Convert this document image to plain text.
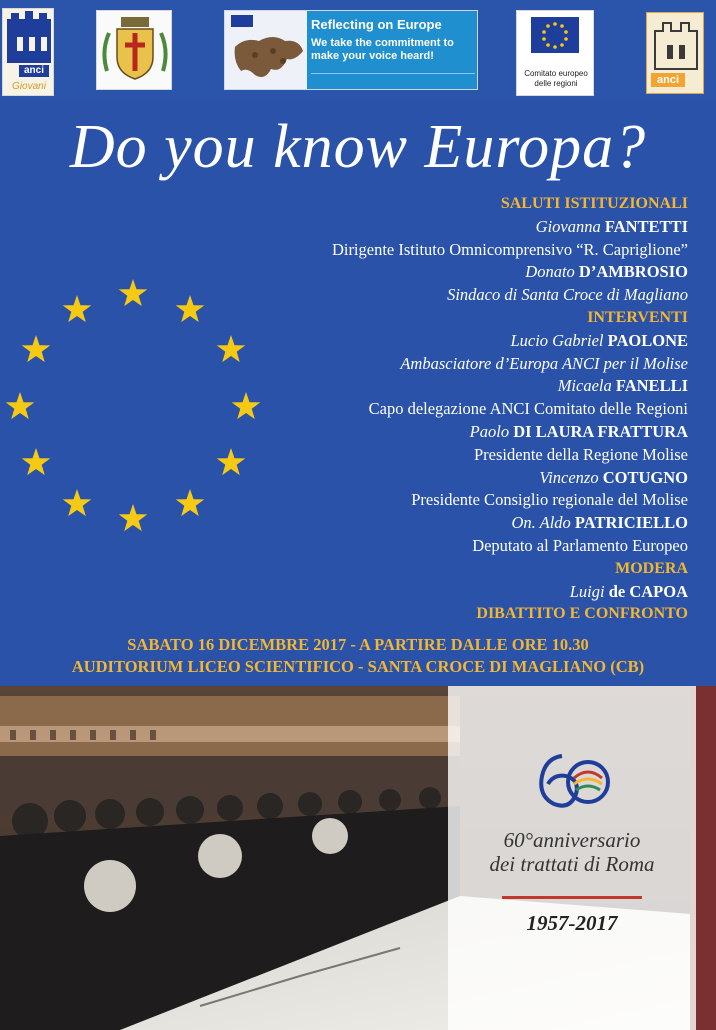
anci
Giovani
Reflecting on Europe
We take the commitment to make your voice heard!
Comitato europeo
delle regioni	anci
Do you know Europa?
SALUTI ISTITUZIONALI
Giovanna FANTETTI
Dirigente Istituto Omnicomprensivo “R. Capriglione”
Donato D’AMBROSIO
Sindaco di Santa Croce di Magliano
INTERVENTI
Lucio Gabriel PAOLONE
Ambasciatore d’Europa ANCI per il Molise
Micaela FANELLI
Capo delegazione ANCI Comitato delle Regioni
Paolo DI LAURA FRATTURA
Presidente della Regione Molise
Vincenzo COTUGNO
Presidente Consiglio regionale del Molise
On. Aldo PATRICIELLO
Deputato al Parlamento Europeo
MODERA
Luigi de CAPOA
DIBATTITO E CONFRONTO
SABATO 16 DICEMBRE 2017 - A PARTIRE DALLE ORE 10.30
AUDITORIUM LICEO SCIENTIFICO - SANTA CROCE DI MAGLIANO (CB)
60°anniversario
dei trattati di Roma
1957-2017
